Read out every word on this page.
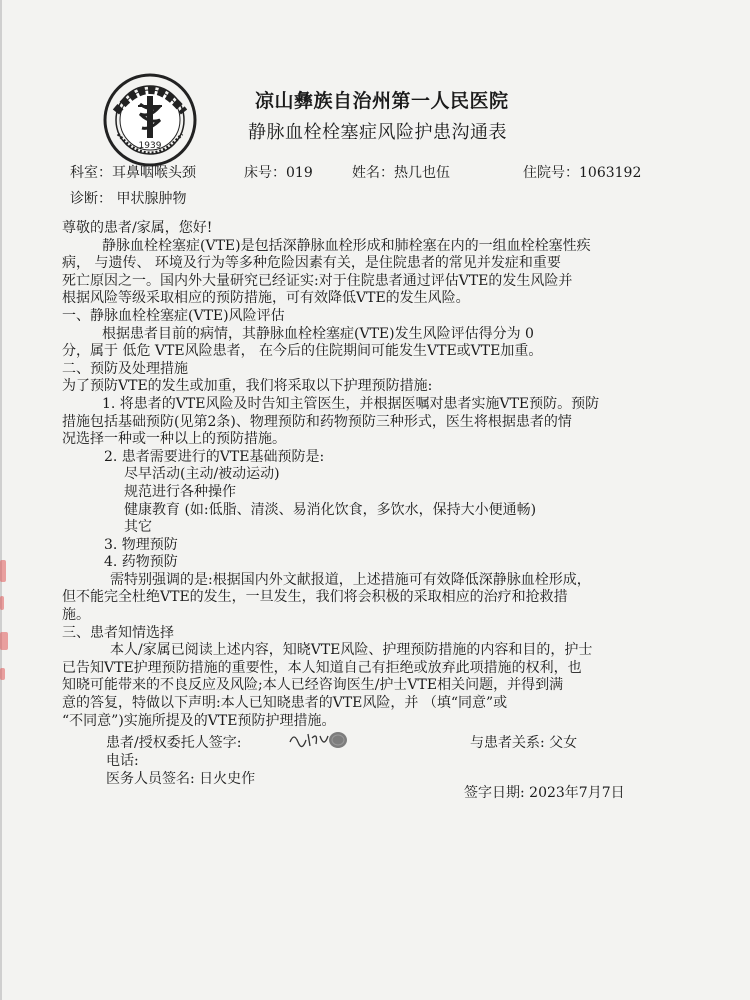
1939
凉山彝族自治州第一人民医院
静脉血栓栓塞症风险护患沟通表
科室：耳鼻咽喉头颈	床号：019	姓名：热几也伍	住院号：1063192
诊断： 甲状腺肿物

尊敬的患者/家属，您好!

静脉血栓栓塞症(VTE)是包括深静脉血栓形成和肺栓塞在内的一组血栓栓塞性疾

病， 与遗传、 环境及行为等多种危险因素有关，是住院患者的常见并发症和重要

死亡原因之一。国内外大量研究已经证实:对于住院患者通过评估VTE的发生风险并

根据风险等级采取相应的预防措施，可有效降低VTE的发生风险。

一、静脉血栓栓塞症(VTE)风险评估

根据患者目前的病情，其静脉血栓栓塞症(VTE)发生风险评估得分为 0

分，属于 低危 VTE风险患者， 在今后的住院期间可能发生VTE或VTE加重。

二、预防及处理措施

为了预防VTE的发生或加重，我们将采取以下护理预防措施:

1. 将患者的VTE风险及时告知主管医生，并根据医嘱对患者实施VTE预防。预防

措施包括基础预防(见第2条)、物理预防和药物预防三种形式，医生将根据患者的情

况选择一种或一种以上的预防措施。

2. 患者需要进行的VTE基础预防是:

尽早活动(主动/被动运动)

规范进行各种操作

健康教育 (如:低脂、清淡、易消化饮食，多饮水，保持大小便通畅)

其它

3. 物理预防

4. 药物预防

需特别强调的是:根据国内外文献报道，上述措施可有效降低深静脉血栓形成，

但不能完全杜绝VTE的发生，一旦发生，我们将会积极的采取相应的治疗和抢救措

施。

三、患者知情选择

本人/家属已阅读上述内容，知晓VTE风险、护理预防措施的内容和目的，护士

已告知VTE护理预防措施的重要性，本人知道自己有拒绝或放弃此项措施的权利，也

知晓可能带来的不良反应及风险;本人已经咨询医生/护士VTE相关问题，并得到满

意的答复，特做以下声明:本人已知晓患者的VTE风险，并 （填“同意”或

“不同意”)实施所提及的VTE预防护理措施。

患者/授权委托人签字:	与患者关系: 父女
电话:
医务人员签名: 日火史作
签字日期: 2023年7月7日
